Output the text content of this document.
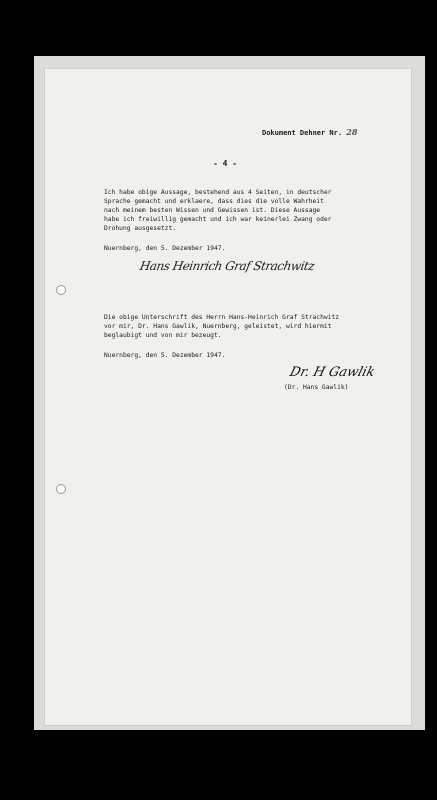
Dokument Dehner Nr. 28
- 4 -
Ich habe obige Aussage, bestehend aus 4 Seiten, in deutscher
Sprache gemacht und erklaere, dass dies die volle Wahrheit
nach meinem besten Wissen und Gewissen ist. Diese Aussage
habe ich freiwillig gemacht und ich war keinerlei Zwang oder
Drohung ausgesetzt.
Nuernberg, den 5. Dezember 1947.
Hans Heinrich Graf Strachwitz
Die obige Unterschrift des Herrn Hans-Heinrich Graf Strachwitz
vor mir, Dr. Hans Gawlik, Nuernberg, geleistet, wird hiermit
beglaubigt und von mir bezeugt.
Nuernberg, den 5. Dezember 1947.
Dr. H Gawlik
(Dr. Hans Gawlik)
